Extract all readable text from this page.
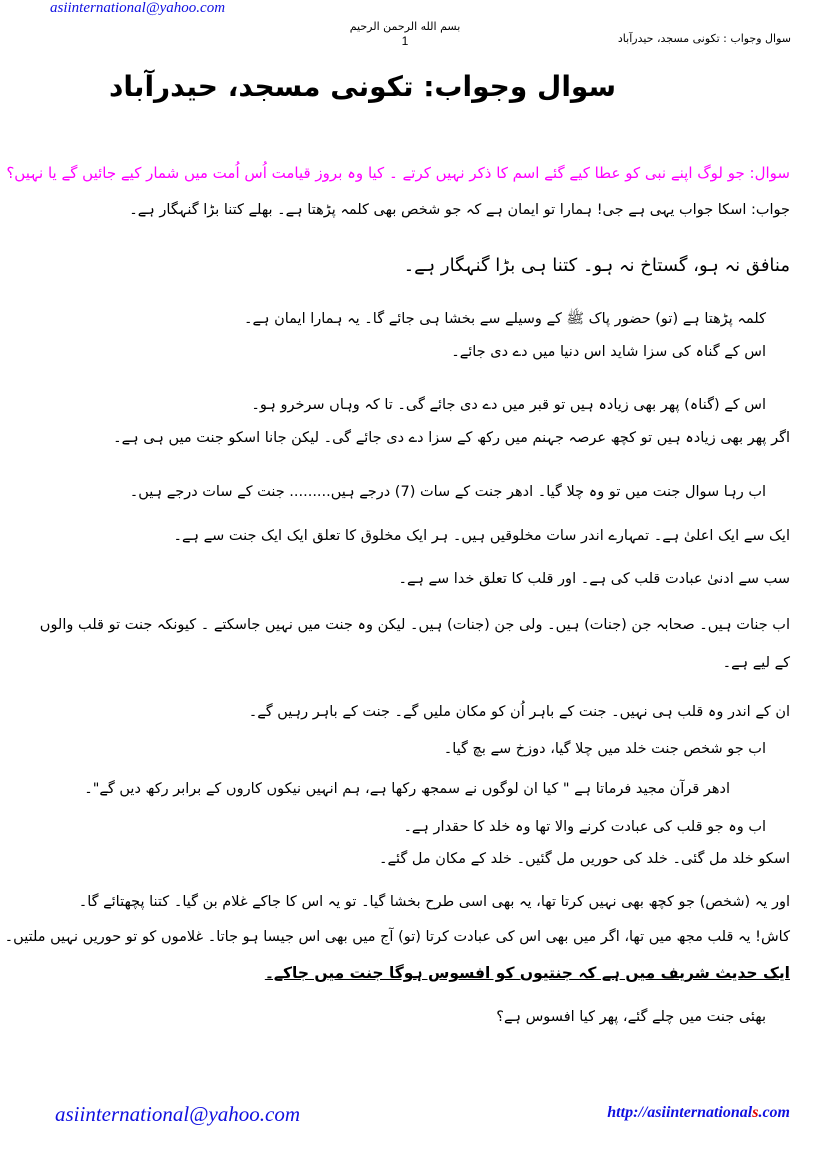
asiinternational@yahoo.com
بسم الله الرحمن الرحيم
1	سوال وجواب : تکونی مسجد، حیدرآباد
سوال وجواب: تکونی مسجد، حیدرآباد
سوال: جو لوگ اپنے نبی کو عطا کیے گئے اسم کا ذکر نہیں کرتے ۔ کیا وہ بروز قیامت اُس اُمت میں شمار کیے جائیں گے یا نہیں؟
جواب: اسکا جواب یہی ہے جی! ہمارا تو ایمان ہے کہ جو شخص بھی کلمہ پڑھتا ہے۔ بھلے کتنا بڑا گنہگار ہے۔
منافق نہ ہو، گستاخ نہ ہو۔ کتنا ہی بڑا گنہگار ہے۔
کلمہ پڑھتا ہے (تو) حضور پاک ﷺ کے وسیلے سے بخشا ہی جائے گا۔ یہ ہمارا ایمان ہے۔
اس کے گناہ کی سزا شاید اس دنیا میں دے دی جائے۔
اس کے (گناہ) پھر بھی زیادہ ہیں تو قبر میں دے دی جائے گی۔ تا کہ وہاں سرخرو ہو۔
اگر پھر بھی زیادہ ہیں تو کچھ عرصہ جہنم میں رکھ کے سزا دے دی جائے گی۔ لیکن جانا اسکو جنت میں ہی ہے۔
اب رہا سوال جنت میں تو وہ چلا گیا۔ ادھر جنت کے سات (7) درجے ہیں......... جنت کے سات درجے ہیں۔
ایک سے ایک اعلیٰ ہے۔ تمہارے اندر سات مخلوقیں ہیں۔ ہر ایک مخلوق کا تعلق ایک ایک جنت سے ہے۔
سب سے ادنیٰ عبادت قلب کی ہے۔ اور قلب کا تعلق خدا سے ہے۔
اب جنات ہیں۔ صحابہ جن (جنات) ہیں۔ ولی جن (جنات) ہیں۔ لیکن وہ جنت میں نہیں جاسکتے ۔ کیونکہ جنت تو قلب والوں
کے لیے ہے۔
ان کے اندر وہ قلب ہی نہیں۔ جنت کے باہر اُن کو مکان ملیں گے۔ جنت کے باہر رہیں گے۔
اب جو شخص جنت خلد میں چلا گیا، دوزخ سے بچ گیا۔
ادھر قرآن مجید فرماتا ہے " کیا ان لوگوں نے سمجھ رکھا ہے، ہم انہیں نیکوں کاروں کے برابر رکھ دیں گے"۔
اب وہ جو قلب کی عبادت کرنے والا تھا وہ خلد کا حقدار ہے۔
اسکو خلد مل گئی۔ خلد کی حوریں مل گئیں۔ خلد کے مکان مل گئے۔
اور یہ (شخص) جو کچھ بھی نہیں کرتا تھا، یہ بھی اسی طرح بخشا گیا۔ تو یہ اس کا جاکے غلام بن گیا۔ کتنا پچھتائے گا۔
کاش! یہ قلب مجھ میں تھا، اگر میں بھی اس کی عبادت کرتا (تو) آج میں بھی اس جیسا ہو جاتا۔ غلاموں کو تو حوریں نہیں ملتیں۔
ایک حدیث شریف میں ہے کہ جنتیوں کو افسوس ہوگا جنت میں جاکے۔
بھئی جنت میں چلے گئے، پھر کیا افسوس ہے؟
asiinternational@yahoo.com	http://asiinternationals.com
